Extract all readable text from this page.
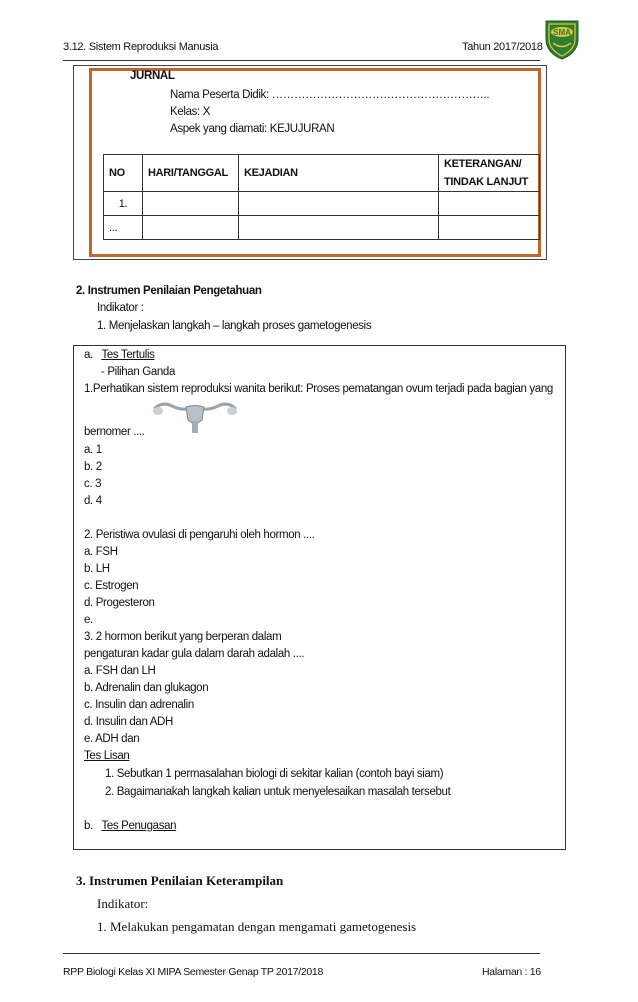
3.12. Sistem Reproduksi Manusia	Tahun 2017/2018
SMA
JURNAL
Nama Peserta Didik: …………………………………………………..
Kelas: X
Aspek yang diamati: KEJUJURAN
NO	HARI/TANGGAL	KEJADIAN	KETERANGAN/
TINDAK LANJUT
1.			
...			
2. Instrumen Penilaian Pengetahuan
Indikator :
1. Menjelaskan langkah – langkah proses gametogenesis
a. Tes Tertulis
- Pilihan Ganda
1.Perhatikan sistem reproduksi wanita berikut: Proses pematangan ovum terjadi pada bagian yang
bernomer ....
a. 1
b. 2
c. 3
d. 4
2. Peristiwa ovulasi di pengaruhi oleh hormon ....
a. FSH
b. LH
c. Estrogen
d. Progesteron
e.
3. 2 hormon berikut yang berperan dalam
pengaturan kadar gula dalam darah adalah ....
a. FSH dan LH
b. Adrenalin dan glukagon
c. Insulin dan adrenalin
d. Insulin dan ADH
e. ADH dan
Tes Lisan
1. Sebutkan 1 permasalahan biologi di sekitar kalian (contoh bayi siam)
2. Bagaimanakah langkah kalian untuk menyelesaikan masalah tersebut
b. Tes Penugasan
3. Instrumen Penilaian Keterampilan
Indikator:
1. Melakukan pengamatan dengan mengamati gametogenesis
RPP Biologi Kelas XI MIPA Semester Genap TP 2017/2018	Halaman : 16
